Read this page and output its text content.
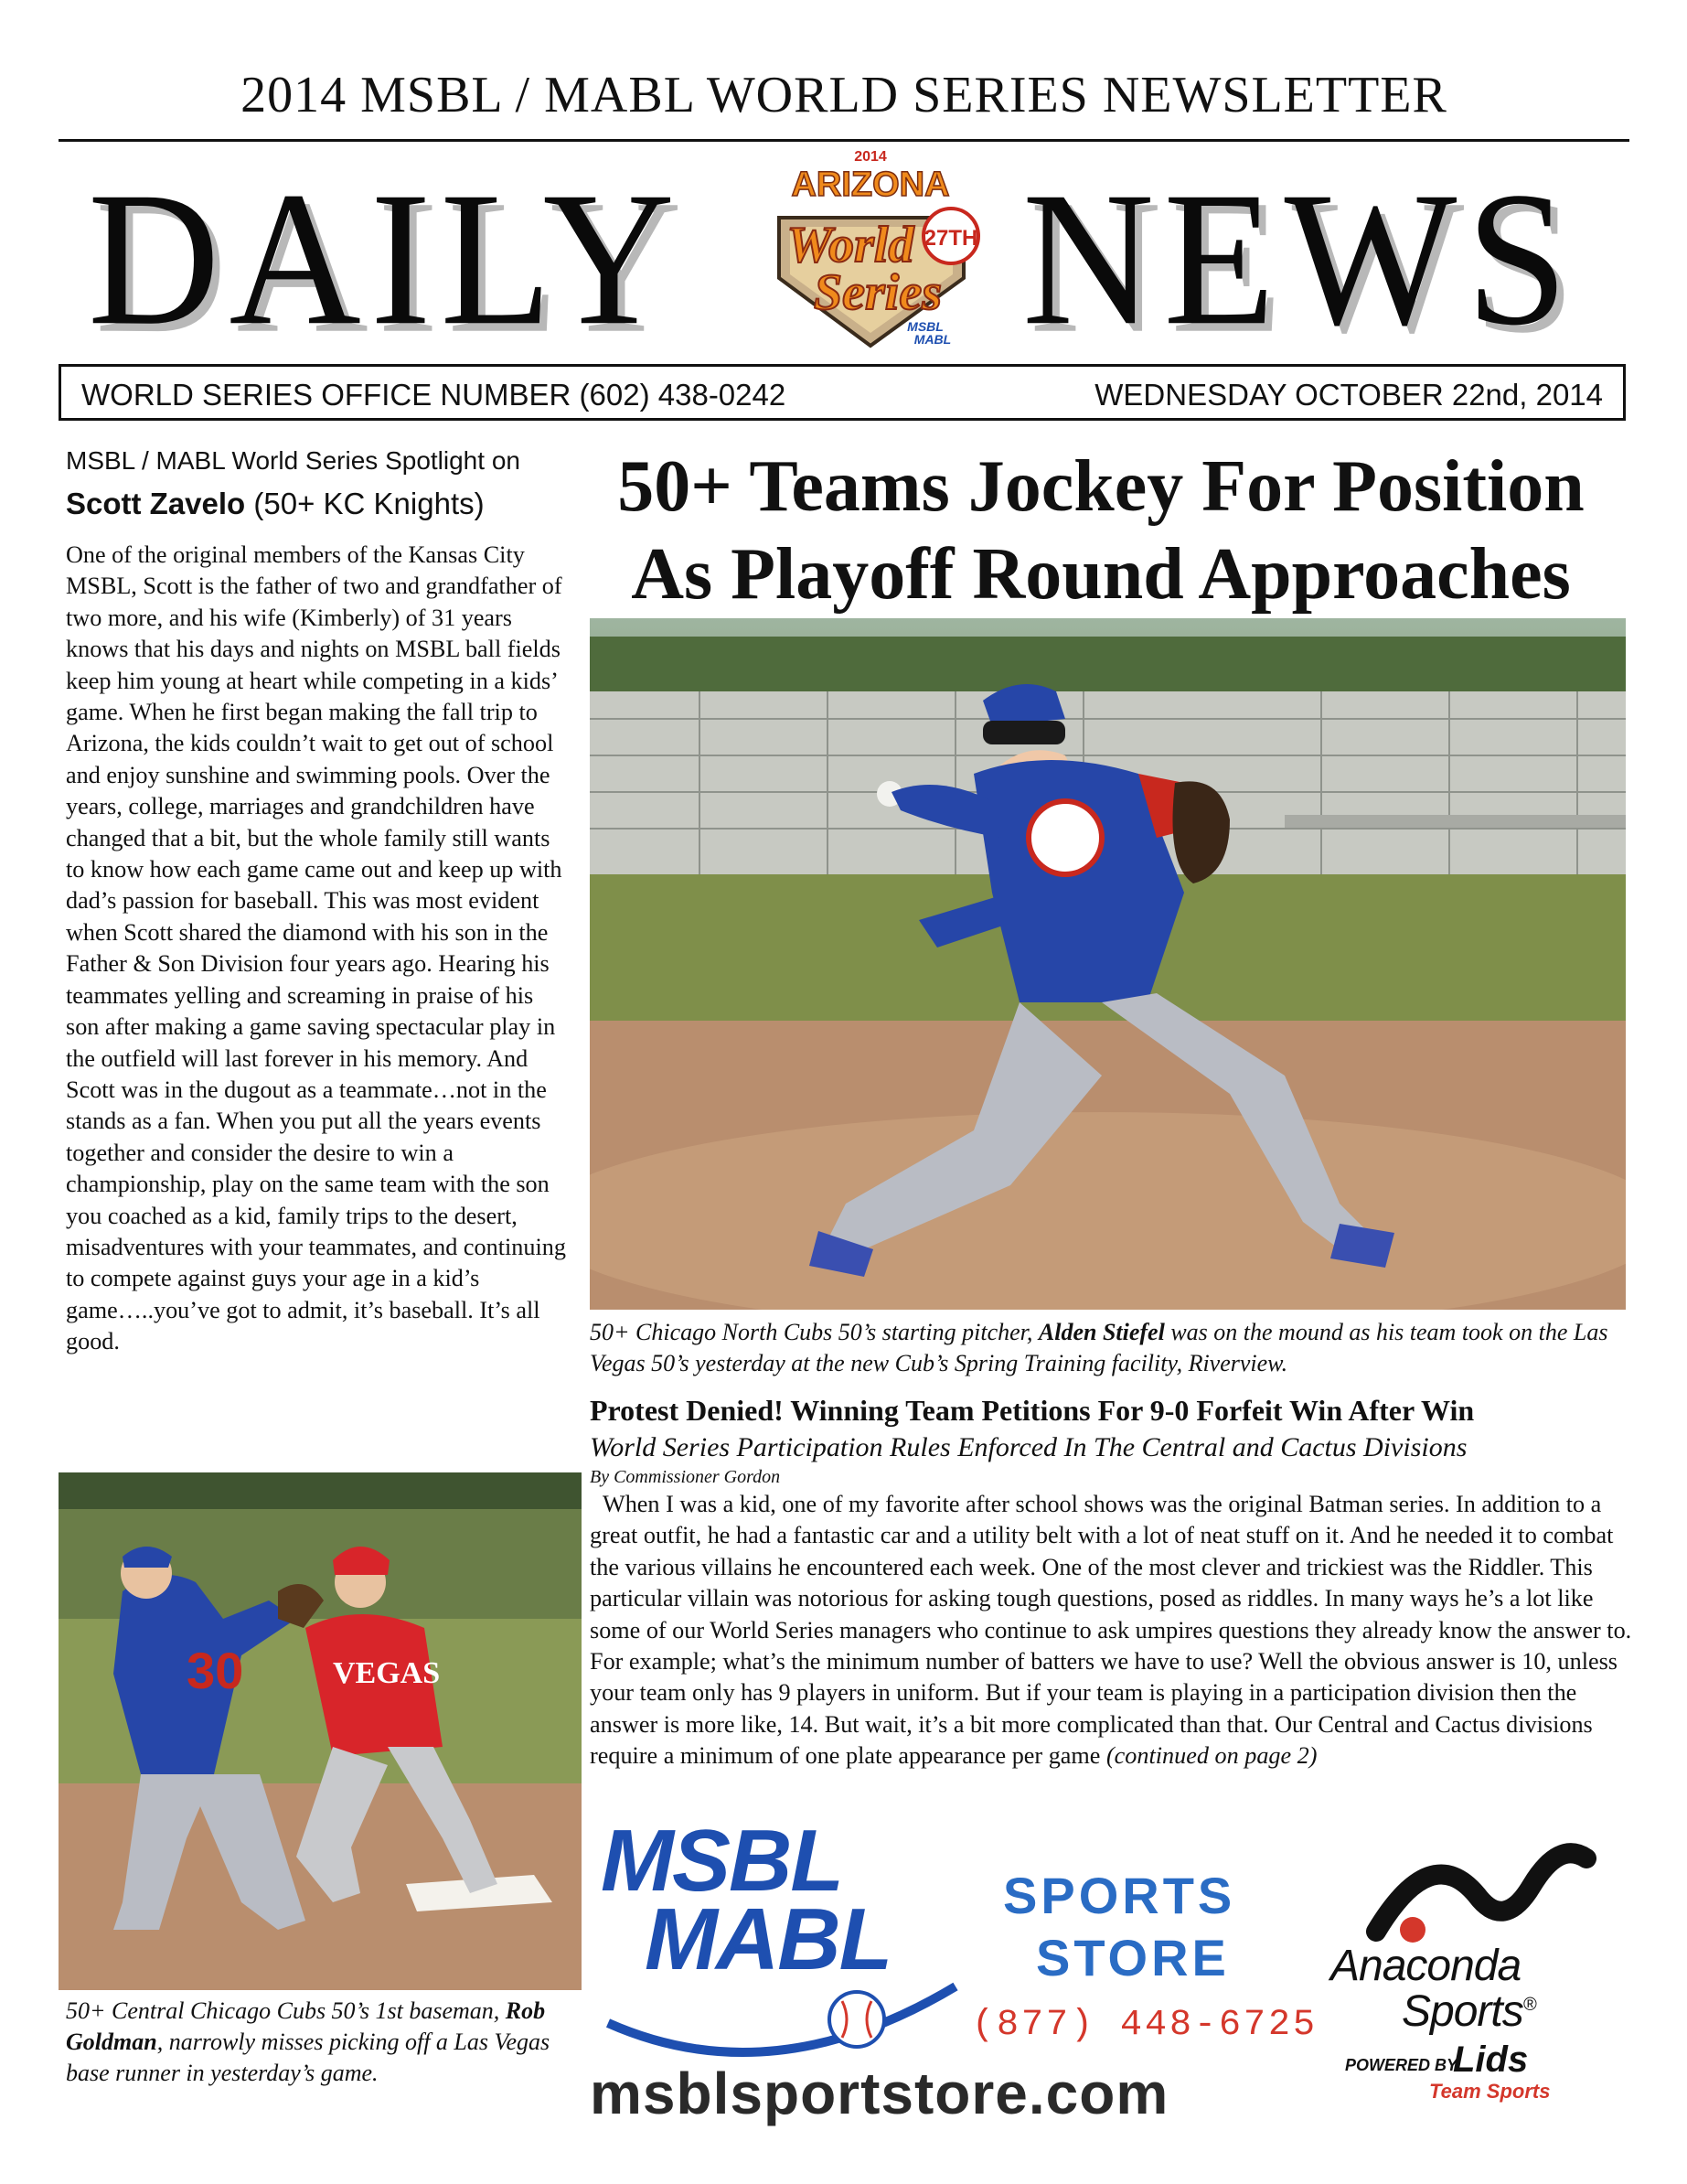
2014 MSBL / MABL WORLD SERIES NEWSLETTER
DAILY NEWS
2014
ARIZONA
World
Series
27TH
MSBL
MABL
WORLD SERIES OFFICE NUMBER (602) 438-0242	WEDNESDAY OCTOBER 22nd, 2014
MSBL / MABL World Series Spotlight on
Scott Zavelo (50+ KC Knights)

One of the original members of the Kansas City MSBL, Scott is the father of two and grandfather of two more, and his wife (Kimberly) of 31 years knows that his days and nights on MSBL ball fields keep him young at heart while competing in a kids’ game. When he first began making the fall trip to Arizona, the kids couldn’t wait to get out of school and enjoy sunshine and swimming pools. Over the years, college, marriages and grandchildren have changed that a bit, but the whole family still wants to know how each game came out and keep up with dad’s passion for baseball. This was most evident when Scott shared the diamond with his son in the Father & Son Division four years ago. Hearing his teammates yelling and screaming in praise of his son after making a game saving spectacular play in the outfield will last forever in his memory. And Scott was in the dugout as a teammate…not in the stands as a fan. When you put all the years events together and consider the desire to win a championship, play on the same team with the son you coached as a kid, family trips to the desert, misadventures with your teammates, and continuing to compete against guys your age in a kid’s game…..you’ve got to admit, it’s baseball. It’s all good.

50+ Teams Jockey For Position
As Playoff Round Approaches
50+ Chicago North Cubs 50’s starting pitcher, Alden Stiefel was on the mound as his team took on the Las Vegas 50’s yesterday at the new Cub’s Spring Training facility, Riverview.
Protest Denied! Winning Team Petitions For 9-0 Forfeit Win After Win
World Series Participation Rules Enforced In The Central and Cactus Divisions
By Commissioner Gordon

When I was a kid, one of my favorite after school shows was the original Batman series. In addition to a great outfit, he had a fantastic car and a utility belt with a lot of neat stuff on it. And he needed it to combat the various villains he encountered each week. One of the most clever and trickiest was the Riddler. This particular villain was notorious for asking tough questions, posed as riddles. In many ways he’s a lot like some of our World Series managers who continue to ask umpires questions they already know the answer to. For example; what’s the minimum number of batters we have to use? Well the obvious answer is 10, unless your team only has 9 players in uniform. But if your team is playing in a participation division then the answer is more like, 14. But wait, it’s a bit more complicated than that. Our Central and Cactus divisions require a minimum of one plate appearance per game (continued on page 2)

30	VEGAS
50+ Central Chicago Cubs 50’s 1st baseman, Rob Goldman, narrowly misses picking off a Las Vegas base runner in yesterday’s game.
MSBL
MABL SPORTS
STORE
(877) 448-6725
msblsportstore.com
Anaconda
Sports®
POWERED BY
Lids
Team Sports
